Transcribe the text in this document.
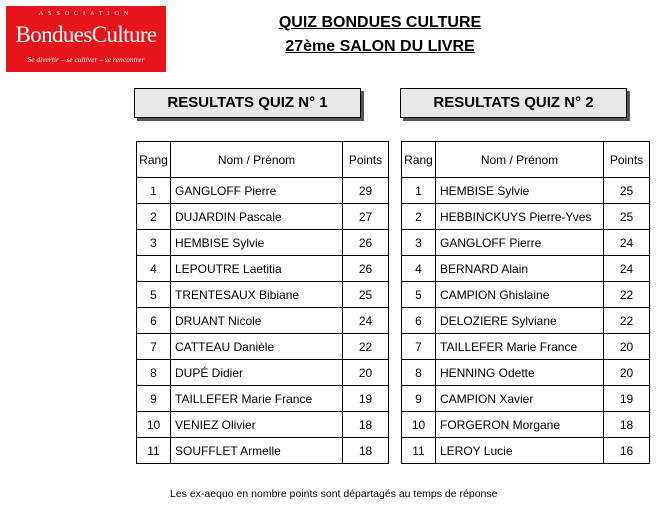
ASSOCIATION
BonduesCulture
Se divertir – se cultiver – se rencontrer
QUIZ BONDUES CULTURE
27ème SALON DU LIVRE
RESULTATS QUIZ N° 1	RESULTATS QUIZ N° 2
Rang	Nom / Prénom	Points
1	GANGLOFF Pierre	29
2	DUJARDIN Pascale	27
3	HEMBISE Sylvie	26
4	LEPOUTRE Laetitia	26
5	TRENTESAUX Bibiane	25
6	DRUANT Nicole	24
7	CATTEAU Danièle	22
8	DUPÉ Didier	20
9	TAILLEFER Marie France	19
10	VENIEZ Olivier	18
11	SOUFFLET Armelle	18
Rang	Nom / Prénom	Points
1	HEMBISE Sylvie	25
2	HEBBINCKUYS Pierre-Yves	25
3	GANGLOFF Pierre	24
4	BERNARD Alain	24
5	CAMPION Ghislaine	22
6	DELOZIERE Sylviane	22
7	TAILLEFER Marie France	20
8	HENNING Odette	20
9	CAMPION Xavier	19
10	FORGERON Morgane	18
11	LEROY Lucie	16
Les ex-aequo en nombre points sont départagés au temps de réponse
